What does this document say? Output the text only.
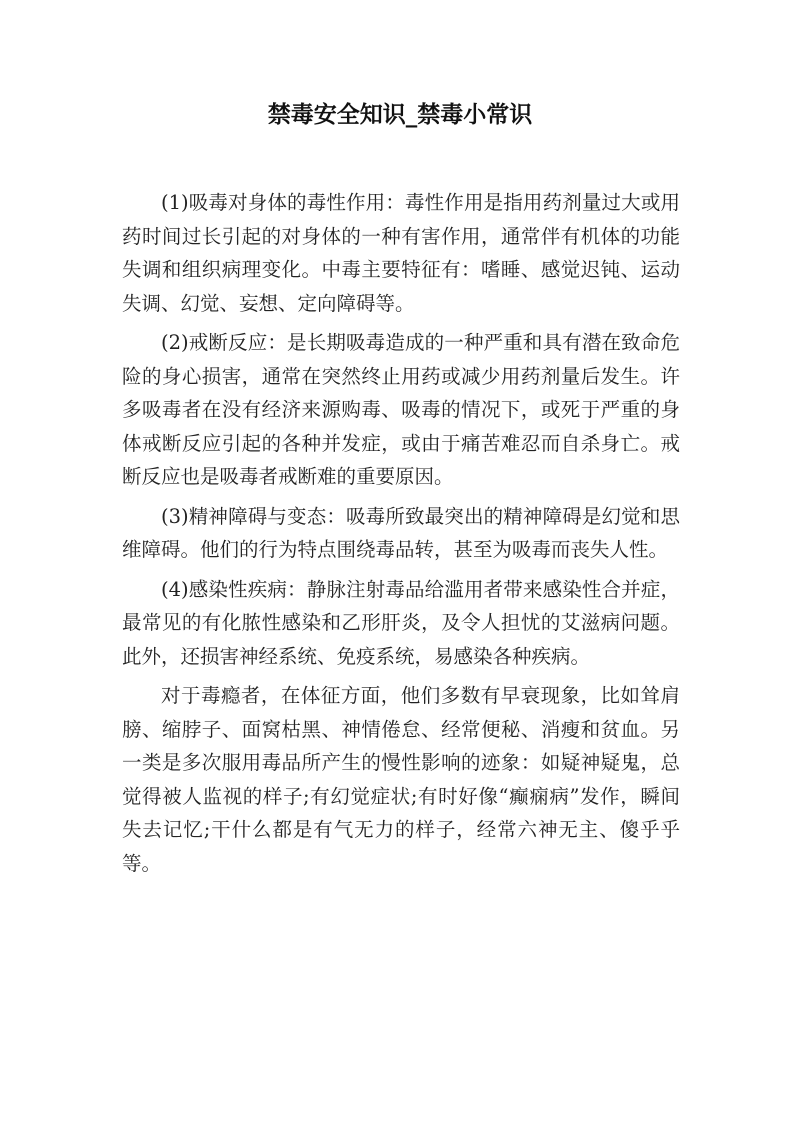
禁毒安全知识_禁毒小常识

(1)吸毒对身体的毒性作用：毒性作用是指用药剂量过大或用药时间过长引起的对身体的一种有害作用，通常伴有机体的功能失调和组织病理变化。中毒主要特征有：嗜睡、感觉迟钝、运动失调、幻觉、妄想、定向障碍等。

(2)戒断反应：是长期吸毒造成的一种严重和具有潜在致命危险的身心损害，通常在突然终止用药或减少用药剂量后发生。许多吸毒者在没有经济来源购毒、吸毒的情况下，或死于严重的身体戒断反应引起的各种并发症，或由于痛苦难忍而自杀身亡。戒断反应也是吸毒者戒断难的重要原因。

(3)精神障碍与变态：吸毒所致最突出的精神障碍是幻觉和思维障碍。他们的行为特点围绕毒品转，甚至为吸毒而丧失人性。

(4)感染性疾病：静脉注射毒品给滥用者带来感染性合并症，最常见的有化脓性感染和乙形肝炎，及令人担忧的艾滋病问题。此外，还损害神经系统、免疫系统，易感染各种疾病。

对于毒瘾者，在体征方面，他们多数有早衰现象，比如耸肩膀、缩脖子、面窝枯黑、神情倦怠、经常便秘、消瘦和贫血。另一类是多次服用毒品所产生的慢性影响的迹象：如疑神疑鬼，总觉得被人监视的样子;有幻觉症状;有时好像“癫痫病”发作，瞬间失去记忆;干什么都是有气无力的样子，经常六神无主、傻乎乎等。
